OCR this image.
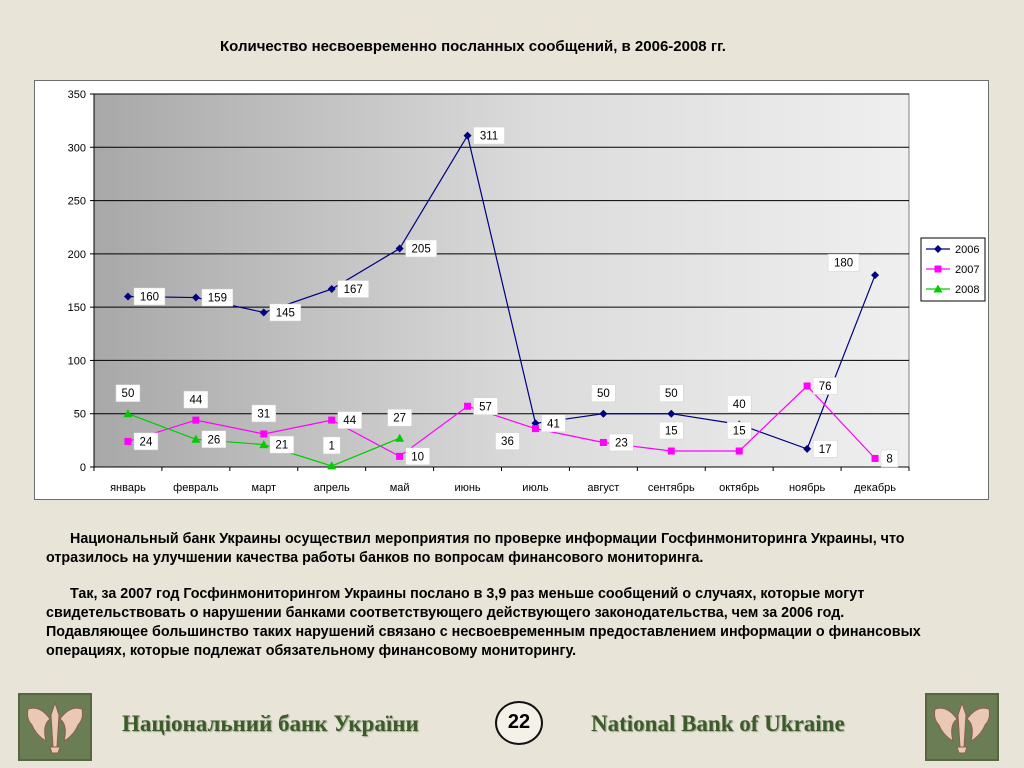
Количество несвоевременно посланных сообщений, в 2006-2008 гг.
0
50
100
150
200
250
300
350
январь февраль	март	апрель	май	июнь	июль	август	сентябрь октябрь	ноябрь	декабрь
160	159
145
167
205
311
41
50	50
40
17
180
24
44
31
44
10
57
36	23
15	15
76
8
50
26	21	1
27
2006
2007
2008

Национальный банк Украины осуществил мероприятия по проверке информации Госфинмониторинга Украины, что отразилось на улучшении качества работы банков по вопросам финансового мониторинга.

Так, за 2007 год Госфинмониторингом Украины послано в 3,9 раз меньше сообщений о случаях, которые могут свидетельствовать о нарушении банками соответствующего действующего законодательства, чем за 2006 год. Подавляющее большинство таких нарушений связано с несвоевременным предоставлением информации о финансовых операциях, которые подлежат обязательному финансовому мониторингу.

Національний банк України	22	National Bank of Ukraine
